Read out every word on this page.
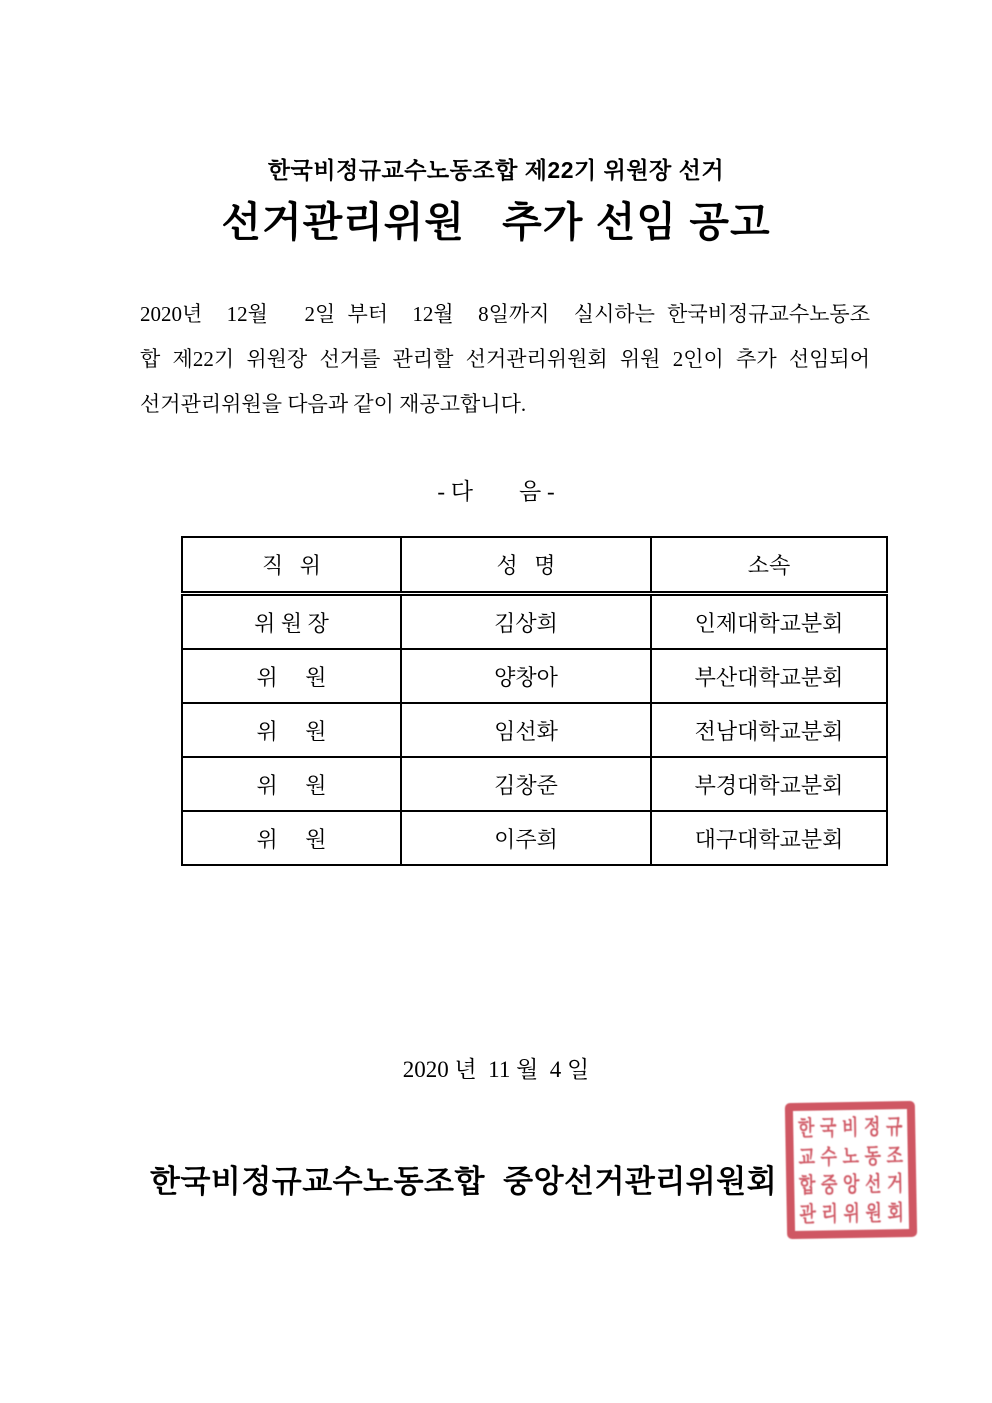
한국비정규교수노동조합 제22기 위원장 선거
선거관리위원   추가 선임 공고
2020년  12월   2일 부터  12월  8일까지  실시하는 한국비정규교수노동조
합 제22기 위원장 선거를 관리할 선거관리위원회 위원 2인이 추가 선임되어
선거관리위원을 다음과 같이 재공고합니다.
- 다        음 -
직   위	성   명	소속
위 원 장	김상희	인제대학교분회
위     원	양창아	부산대학교분회
위     원	임선화	전남대학교분회
위     원	김창준	부경대학교분회
위     원	이주희	대구대학교분회
2020 년  11 월  4 일
한국비정규교수노동조합  중앙선거관리위원회
한 국 비 정 규
교 수 노 동 조
합 중 앙 선 거
관 리 위 원 회
